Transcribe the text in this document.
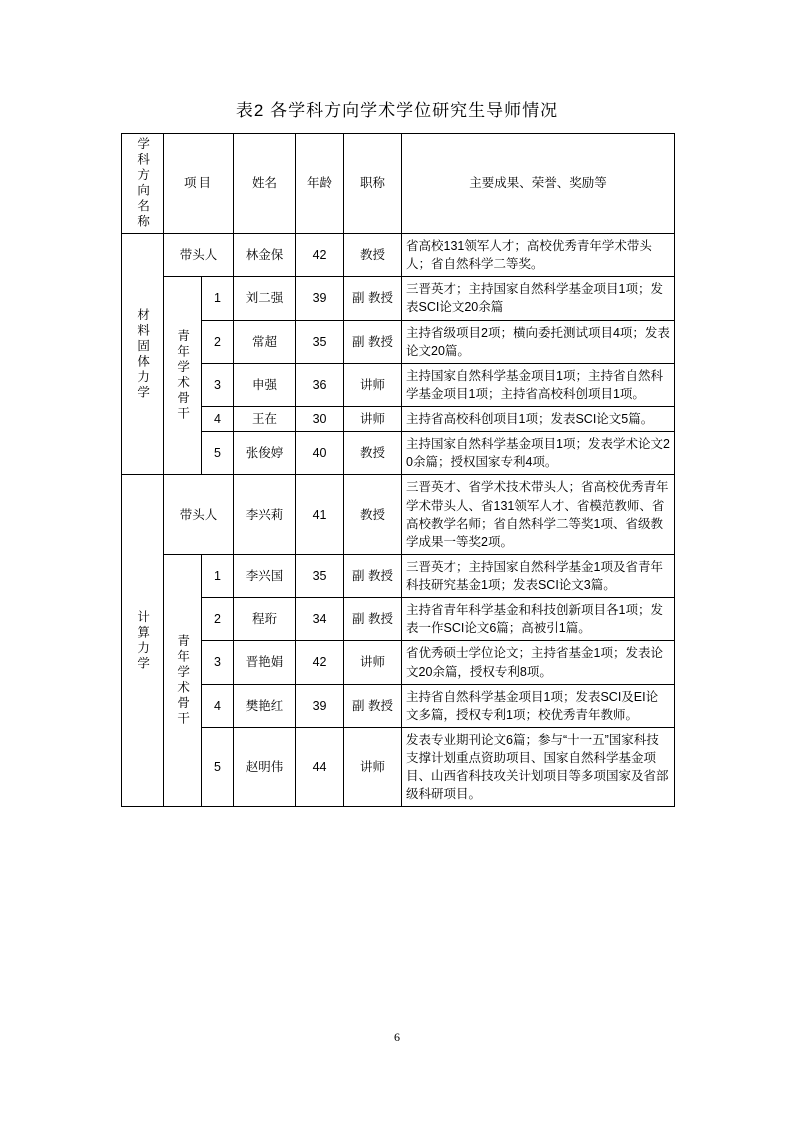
表2 各学科方向学术学位研究生导师情况
学科方向名称	项目		姓名	年龄	职称	主要成果、荣誉、奖励等
材料固体力学	带头人		林金保	42	教授	省高校131领军人才；高校优秀青年学术带头人；省自然科学二等奖。
	青年学术骨干	1	刘二强	39	副 教授	三晋英才；主持国家自然科学基金项目1项；发表SCI论文20余篇
		2	常超	35	副 教授	主持省级项目2项；横向委托测试项目4项；发表论文20篇。
		3	申强	36	讲师	主持国家自然科学基金项目1项；主持省自然科学基金项目1项；主持省高校科创项目1项。
		4	王在	30	讲师	主持省高校科创项目1项；发表SCI论文5篇。
		5	张俊婷	40	教授	主持国家自然科学基金项目1项；发表学术论文20余篇；授权国家专利4项。
计算力学	带头人		李兴莉	41	教授	三晋英才、省学术技术带头人；省高校优秀青年学术带头人、省131领军人才、省模范教师、省高校教学名师；省自然科学二等奖1项、省级教学成果一等奖2项。
	青年学术骨干	1	李兴国	35	副 教授	三晋英才；主持国家自然科学基金1项及省青年科技研究基金1项；发表SCI论文3篇。
		2	程珩	34	副 教授	主持省青年科学基金和科技创新项目各1项；发表一作SCI论文6篇；高被引1篇。
		3	晋艳娟	42	讲师	省优秀硕士学位论文；主持省基金1项；发表论文20余篇，授权专利8项。
		4	樊艳红	39	副 教授	主持省自然科学基金项目1项；发表SCI及EI论文多篇，授权专利1项；校优秀青年教师。
		5	赵明伟	44	讲师	发表专业期刊论文6篇；参与“十一五”国家科技支撑计划重点资助项目、国家自然科学基金项目、山西省科技攻关计划项目等多项国家及省部级科研项目。
6
